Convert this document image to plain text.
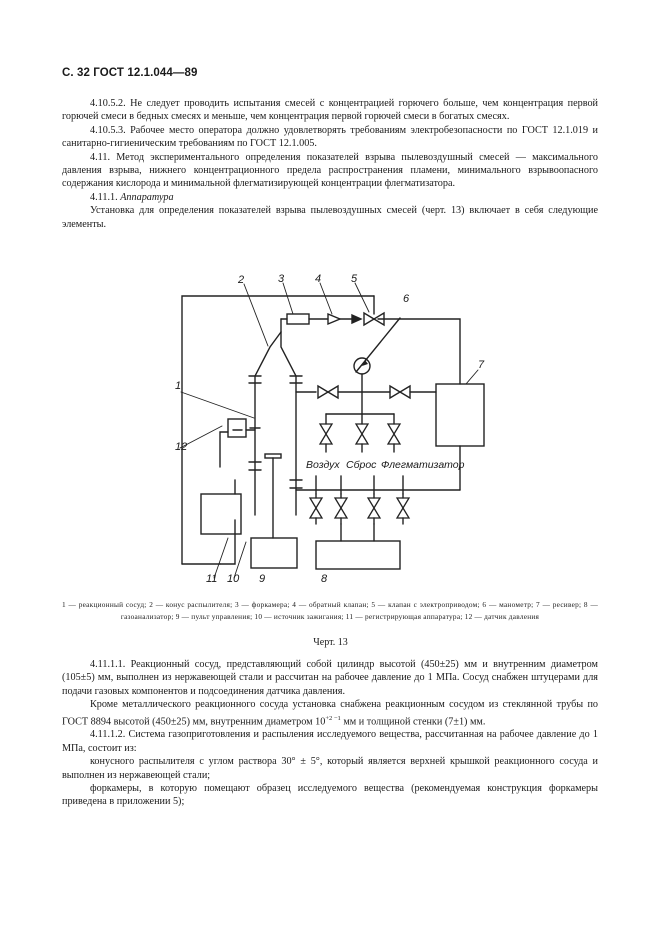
С. 32 ГОСТ 12.1.044—89

4.10.5.2. Не следует проводить испытания смесей с концентрацией горючего больше, чем концентрация первой горючей смеси в бедных смесях и меньше, чем концентрация первой горючей смеси в богатых смесях.

4.10.5.3. Рабочее место оператора должно удовлетворять требованиям электробезопасности по ГОСТ 12.1.019 и санитарно-гигиеническим требованиям по ГОСТ 12.1.005.

4.11. Метод экспериментального определения показателей взрыва пылевоздушный смесей — максимального давления взрыва, нижнего концентрационного предела распространения пламени, минимального взрывоопасного содержания кислорода и минимальной флегматизирующей концентрации флегматизатора.

4.11.1. Аппаратура

Установка для определения показателей взрыва пылевоздушных смесей (черт. 13) включает в себя следующие элементы.

1
2	3	4	5
6
7
8
9
10
11
12
Воздух Сброс Флегматизатор
1 — реакционный сосуд; 2 — конус распылителя; 3 — форкамера; 4 — обратный клапан; 5 — клапан с электроприводом; 6 — манометр; 7 — ресивер; 8 — газоанализатор; 9 — пульт управления; 10 — источник зажигания; 11 — регистрирующая аппаратура; 12 — датчик давления
Черт. 13

4.11.1.1. Реакционный сосуд, представляющий собой цилиндр высотой (450±25) мм и внутренним диаметром (105±5) мм, выполнен из нержавеющей стали и рассчитан на рабочее давление до 1 МПа. Сосуд снабжен штуцерами для подачи газовых компонентов и подсоединения датчика давления.

Кроме металлического реакционного сосуда установка снабжена реакционным сосудом из стеклянной трубы по ГОСТ 8894 высотой (450±25) мм, внутренним диаметром $10^{+2 -1}$ мм и толщиной стенки (7±1) мм.

4.11.1.2. Система газоприготовления и распыления исследуемого вещества, рассчитанная на рабочее давление до 1 МПа, состоит из:

конусного распылителя с углом раствора 30° ± 5°, который является верхней крышкой реакционного сосуда и выполнен из нержавеющей стали;

форкамеры, в которую помещают образец исследуемого вещества (рекомендуемая конструкция форкамеры приведена в приложении 5);
